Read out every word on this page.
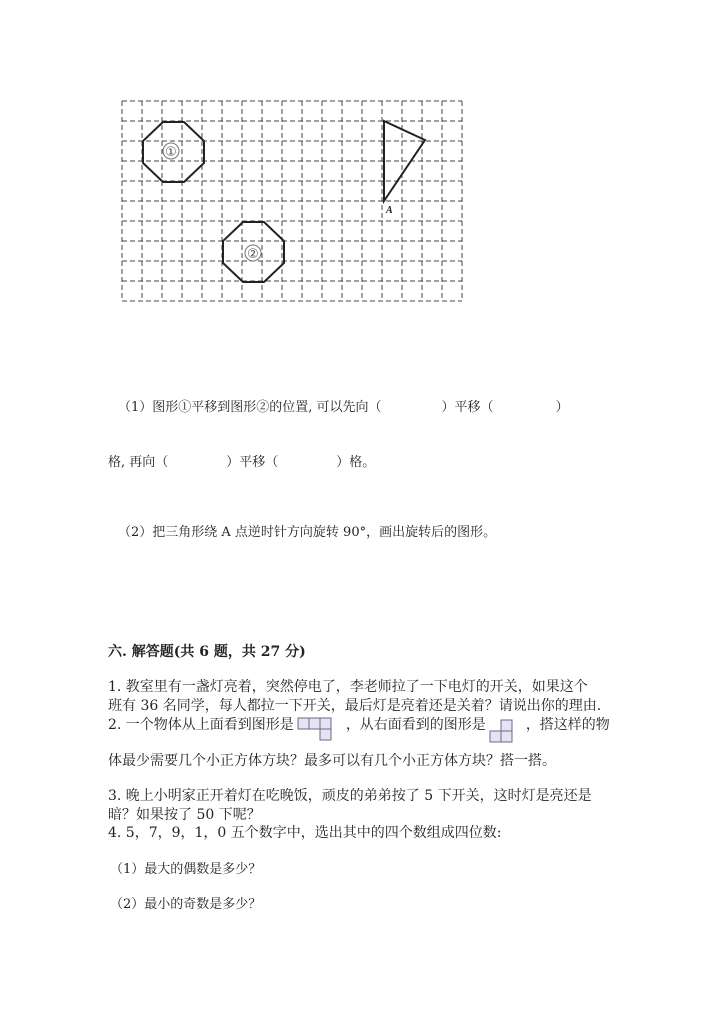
①
②
A
（1）图形①平移到图形②的位置, 可以先向（	）平移（	）
格, 再向（	）平移（	）格。
（2）把三角形绕 A 点逆时针方向旋转 90°，画出旋转后的图形。
六. 解答题(共 6 题，共 27 分)
1. 教室里有一盏灯亮着，突然停电了，李老师拉了一下电灯的开关，如果这个
班有 36 名同学，每人都拉一下开关，最后灯是亮着还是关着？请说出你的理由.
2. 一个物体从上面看到图形是	，从右面看到的图形是	，搭这样的物
体最少需要几个小正方体方块？最多可以有几个小正方体方块？搭一搭。
3. 晚上小明家正开着灯在吃晚饭，顽皮的弟弟按了 5 下开关，这时灯是亮还是
暗？如果按了 50 下呢？
4. 5，7，9，1，0 五个数字中，选出其中的四个数组成四位数:
（1）最大的偶数是多少？
（2）最小的奇数是多少？
